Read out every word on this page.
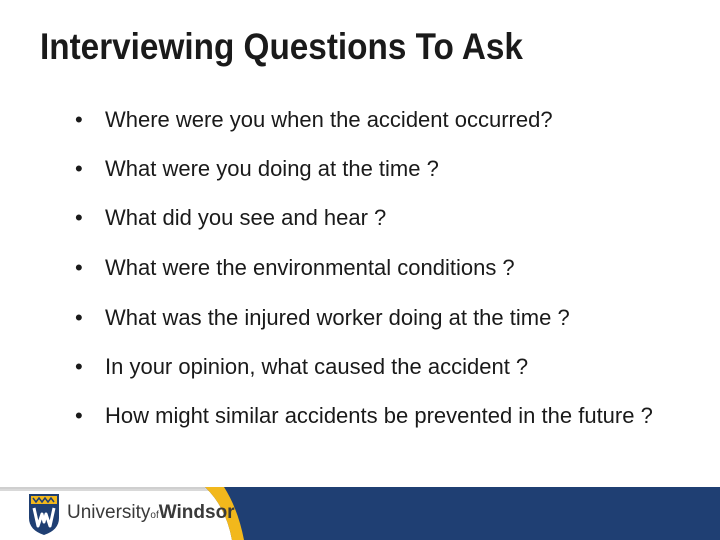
Interviewing Questions To Ask
• Where were you when the accident occurred?
• What were you doing at the time ?
• What did you see and hear ?
• What were the environmental conditions ?
• What was the injured worker doing at the time ?
• In your opinion, what caused the accident ?
• How might similar accidents be prevented in the future ?
UniversityofWindsor
